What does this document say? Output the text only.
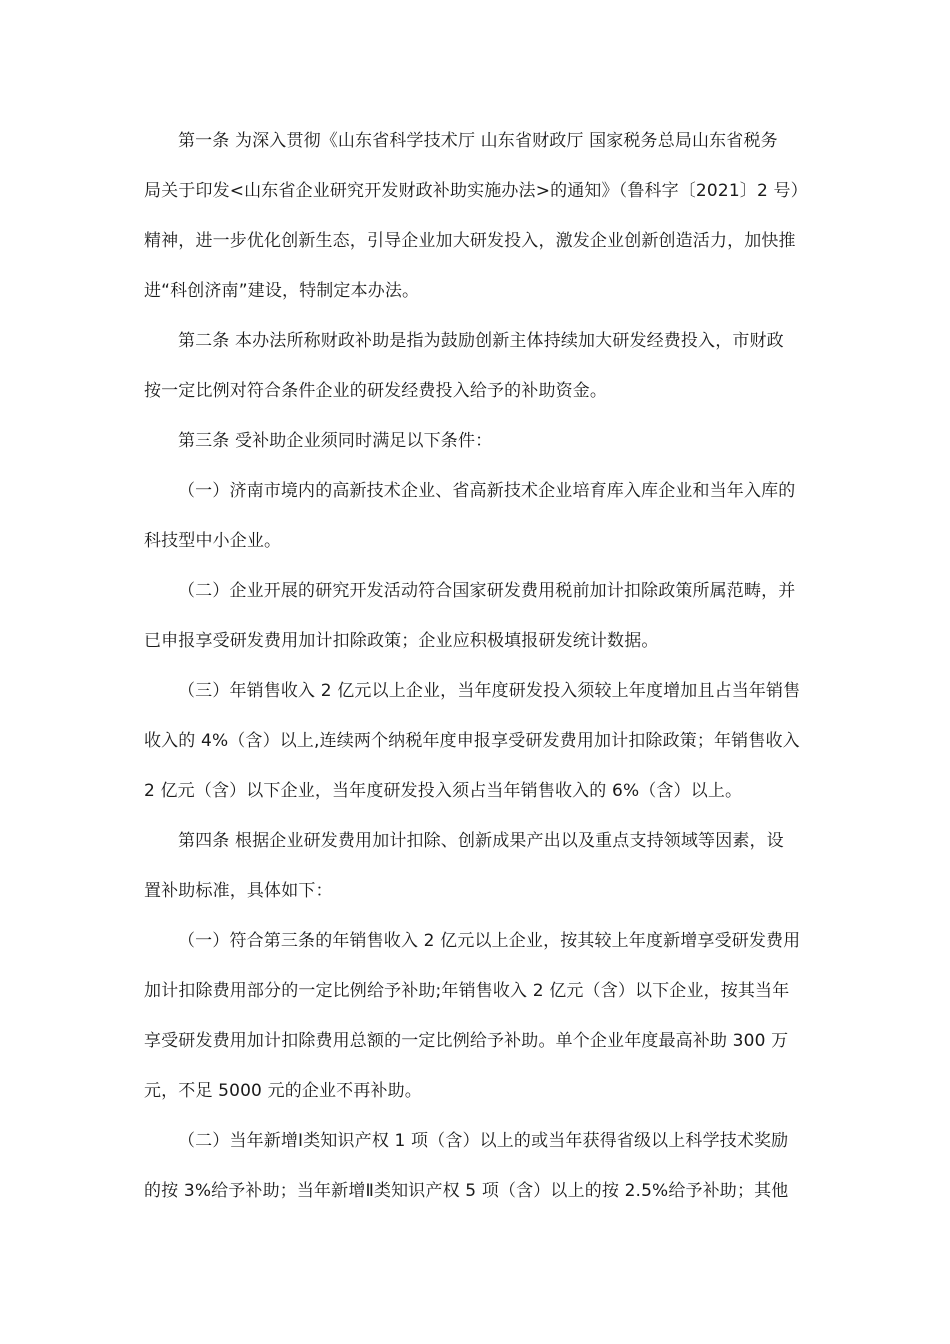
第一条 为深入贯彻《山东省科学技术厅 山东省财政厅 国家税务总局山东省税务
局关于印发<山东省企业研究开发财政补助实施办法>的通知》（鲁科字〔2021〕2 号）
精神，进一步优化创新生态，引导企业加大研发投入，激发企业创新创造活力，加快推
进“科创济南”建设，特制定本办法。
第二条 本办法所称财政补助是指为鼓励创新主体持续加大研发经费投入，市财政
按一定比例对符合条件企业的研发经费投入给予的补助资金。
第三条 受补助企业须同时满足以下条件：
（一）济南市境内的高新技术企业、省高新技术企业培育库入库企业和当年入库的
科技型中小企业。
（二）企业开展的研究开发活动符合国家研发费用税前加计扣除政策所属范畴，并
已申报享受研发费用加计扣除政策；企业应积极填报研发统计数据。
（三）年销售收入 2 亿元以上企业，当年度研发投入须较上年度增加且占当年销售
收入的 4%（含）以上,连续两个纳税年度申报享受研发费用加计扣除政策；年销售收入
2 亿元（含）以下企业，当年度研发投入须占当年销售收入的 6%（含）以上。
第四条 根据企业研发费用加计扣除、创新成果产出以及重点支持领域等因素，设
置补助标准，具体如下：
（一）符合第三条的年销售收入 2 亿元以上企业，按其较上年度新增享受研发费用
加计扣除费用部分的一定比例给予补助;年销售收入 2 亿元（含）以下企业，按其当年
享受研发费用加计扣除费用总额的一定比例给予补助。单个企业年度最高补助 300 万
元，不足 5000 元的企业不再补助。
（二）当年新增Ⅰ类知识产权 1 项（含）以上的或当年获得省级以上科学技术奖励
的按 3%给予补助；当年新增Ⅱ类知识产权 5 项（含）以上的按 2.5%给予补助；其他
